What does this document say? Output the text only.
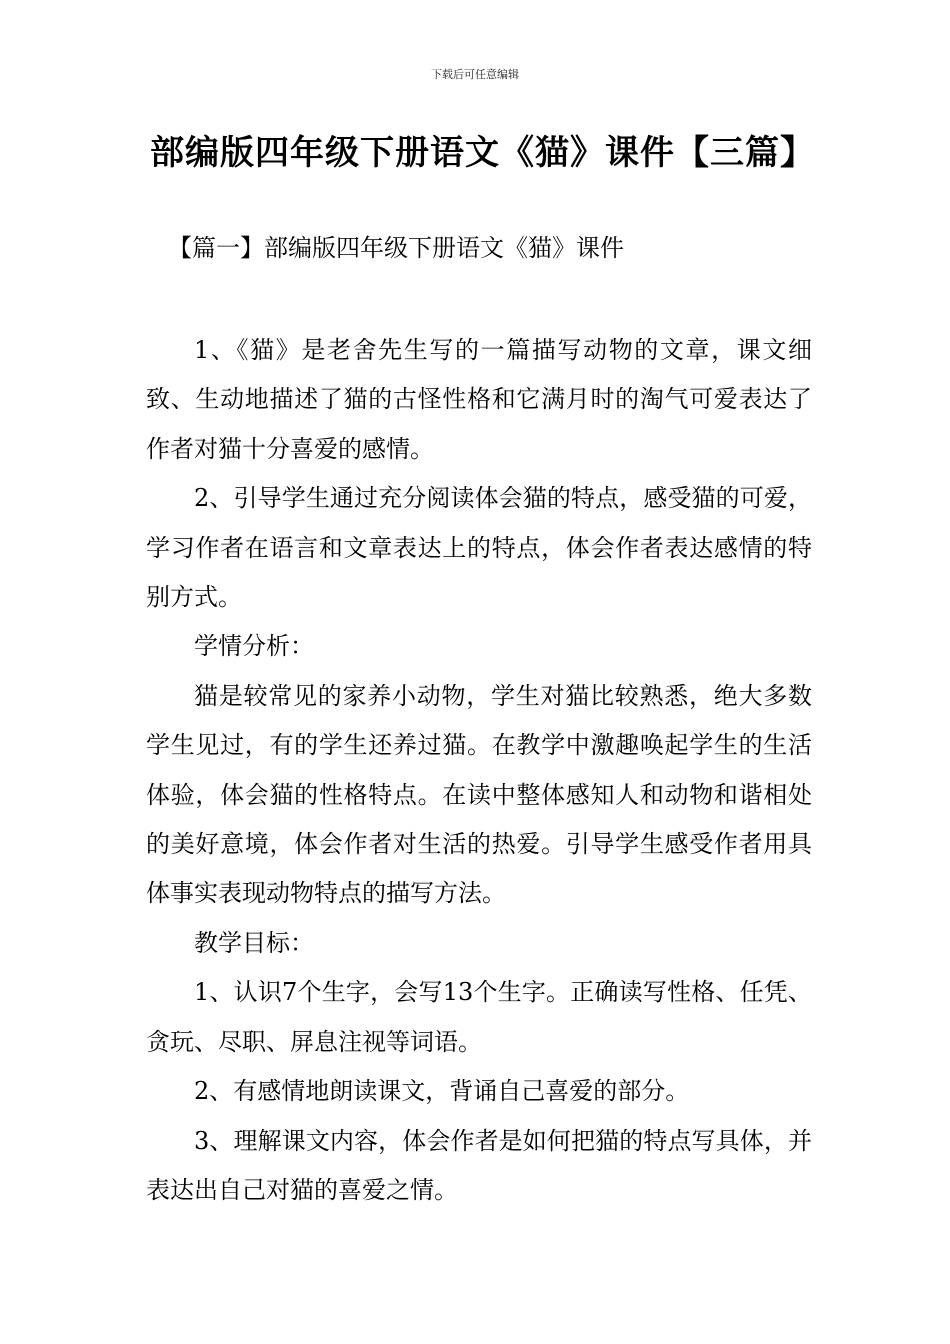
下载后可任意编辑
部编版四年级下册语文《猫》课件【三篇】
【篇一】部编版四年级下册语文《猫》课件

1、《猫》是老舍先生写的一篇描写动物的文章，课文细致、生动地描述了猫的古怪性格和它满月时的淘气可爱表达了作者对猫十分喜爱的感情。

2、引导学生通过充分阅读体会猫的特点，感受猫的可爱，学习作者在语言和文章表达上的特点，体会作者表达感情的特别方式。

学情分析：

猫是较常见的家养小动物，学生对猫比较熟悉，绝大多数学生见过，有的学生还养过猫。在教学中激趣唤起学生的生活体验，体会猫的性格特点。在读中整体感知人和动物和谐相处的美好意境，体会作者对生活的热爱。引导学生感受作者用具体事实表现动物特点的描写方法。

教学目标：

1、认识7个生字，会写13个生字。正确读写性格、任凭、贪玩、尽职、屏息注视等词语。

2、有感情地朗读课文，背诵自己喜爱的部分。

3、理解课文内容，体会作者是如何把猫的特点写具体，并表达出自己对猫的喜爱之情。
